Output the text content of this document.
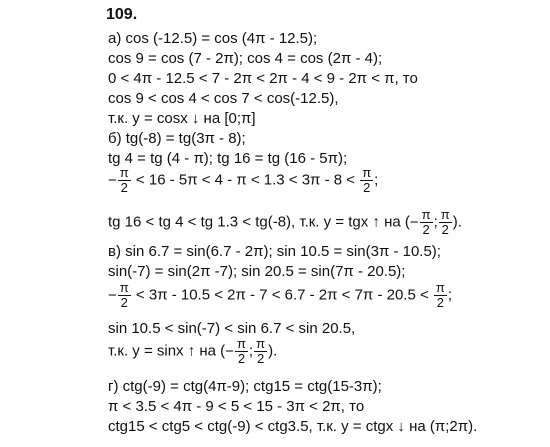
109.
а) cos (-12.5) = cos (4π - 12.5);
cos 9 = cos (7 - 2π); cos 4 = cos (2π - 4);
0 < 4π - 12.5 < 7 - 2π < 2π - 4 < 9 - 2π < π, то
cos 9 < cos 4 < cos 7 < cos(-12.5),
т.к. y = cosx ↓ на [0;π]
б) tg(-8) = tg(3π - 8);
tg 4 = tg (4 - π); tg 16 = tg (16 - 5π);
− $\frac{\pi}{2} < 16 - 5\pi < 4 - \pi < 1.3 < 3\pi - 8 < \frac{\pi}{2}$ ;
tg 16 < tg 4 < tg 1.3 < tg(-8), т.к. y = tgx ↑ на (− $\frac{\pi}{2}$ ; $\frac{\pi}{2}$ ).
в) sin 6.7 = sin(6.7 - 2π); sin 10.5 = sin(3π - 10.5);
sin(-7) = sin(2π -7); sin 20.5 = sin(7π - 20.5);
− $\frac{\pi}{2} < 3\pi - 10.5 < 2\pi - 7 < 6.7 - 2\pi < 7\pi - 20.5 < \frac{\pi}{2}$ ;
sin 10.5 < sin(-7) < sin 6.7 < sin 20.5,
т.к. y = sinx ↑ на (− $\frac{\pi}{2}$ ; $\frac{\pi}{2}$ ).
г) ctg(-9) = ctg(4π-9); ctg15 = ctg(15-3π);
π < 3.5 < 4π - 9 < 5 < 15 - 3π < 2π, то
ctg15 < ctg5 < ctg(-9) < ctg3.5, т.к. y = ctgx ↓ на (π;2π).
